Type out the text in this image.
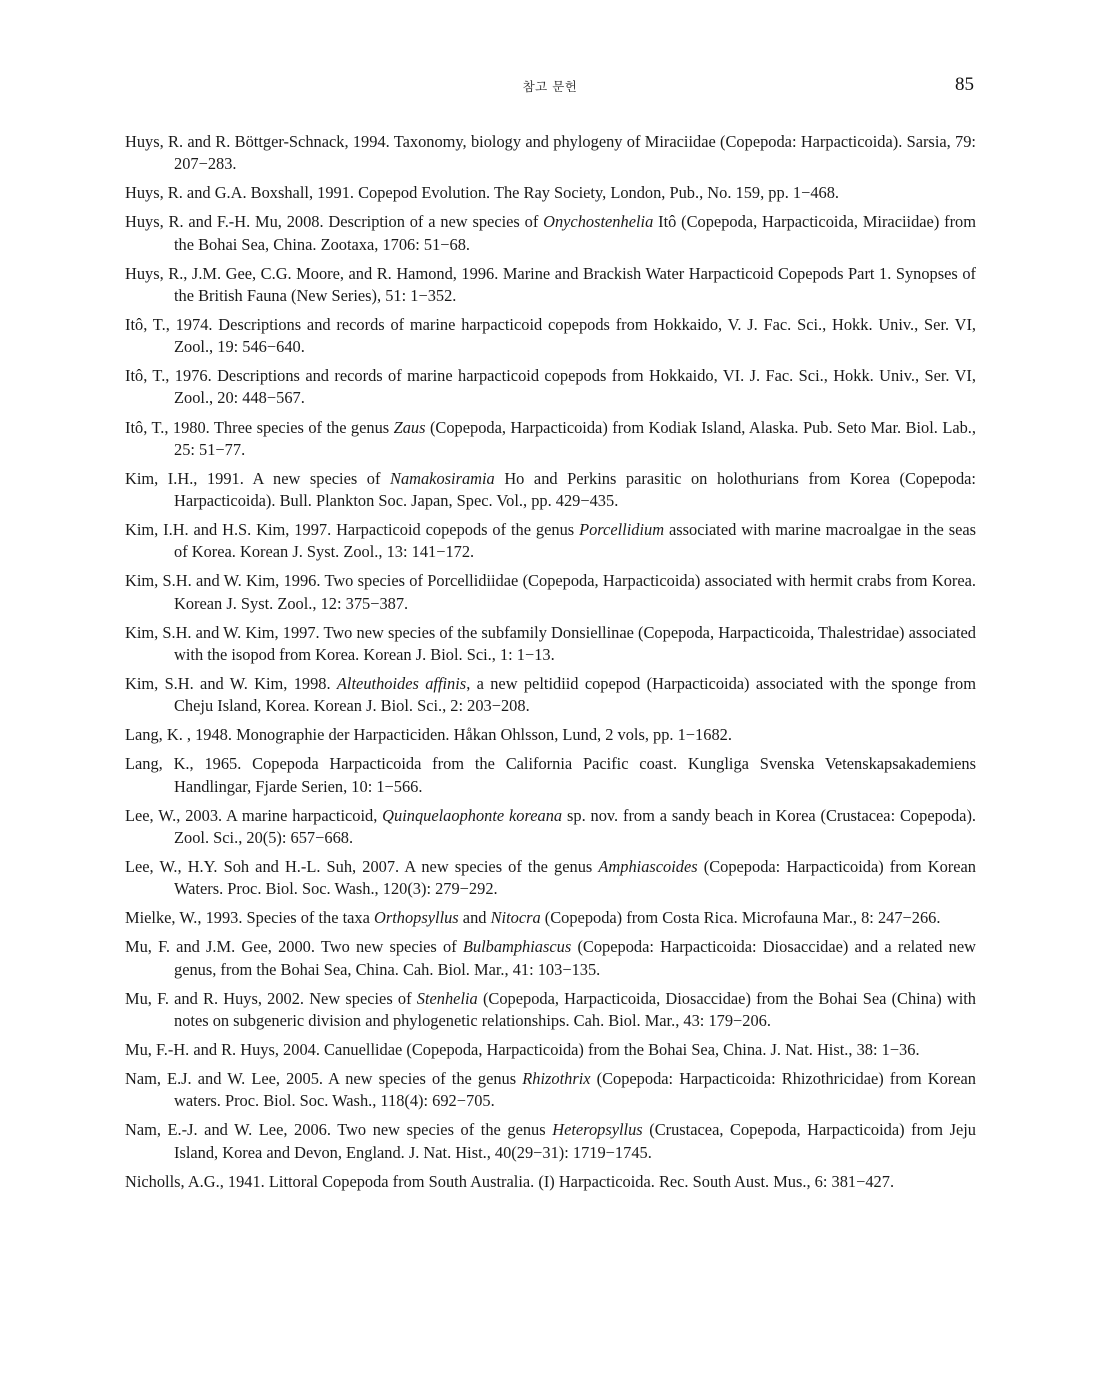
참고 문헌	85

Huys, R. and R. Böttger-Schnack, 1994. Taxonomy, biology and phylogeny of Miraciidae (Copepoda: Harpacticoida). Sarsia, 79: 207−283.

Huys, R. and G.A. Boxshall, 1991. Copepod Evolution. The Ray Society, London, Pub., No. 159, pp. 1−468.

Huys, R. and F.-H. Mu, 2008. Description of a new species of Onychostenhelia Itô (Copepoda, Harpacticoida, Miraciidae) from the Bohai Sea, China. Zootaxa, 1706: 51−68.

Huys, R., J.M. Gee, C.G. Moore, and R. Hamond, 1996. Marine and Brackish Water Harpacticoid Copepods Part 1. Synopses of the British Fauna (New Series), 51: 1−352.

Itô, T., 1974. Descriptions and records of marine harpacticoid copepods from Hokkaido, V. J. Fac. Sci., Hokk. Univ., Ser. VI, Zool., 19: 546−640.

Itô, T., 1976. Descriptions and records of marine harpacticoid copepods from Hokkaido, VI. J. Fac. Sci., Hokk. Univ., Ser. VI, Zool., 20: 448−567.

Itô, T., 1980. Three species of the genus Zaus (Copepoda, Harpacticoida) from Kodiak Island, Alaska. Pub. Seto Mar. Biol. Lab., 25: 51−77.

Kim, I.H., 1991. A new species of Namakosiramia Ho and Perkins parasitic on holothurians from Korea (Copepoda: Harpacticoida). Bull. Plankton Soc. Japan, Spec. Vol., pp. 429−435.

Kim, I.H. and H.S. Kim, 1997. Harpacticoid copepods of the genus Porcellidium associated with marine macroalgae in the seas of Korea. Korean J. Syst. Zool., 13: 141−172.

Kim, S.H. and W. Kim, 1996. Two species of Porcellidiidae (Copepoda, Harpacticoida) associated with hermit crabs from Korea. Korean J. Syst. Zool., 12: 375−387.

Kim, S.H. and W. Kim, 1997. Two new species of the subfamily Donsiellinae (Copepoda, Harpacticoida, Thalestridae) associated with the isopod from Korea. Korean J. Biol. Sci., 1: 1−13.

Kim, S.H. and W. Kim, 1998. Alteuthoides affinis, a new peltidiid copepod (Harpacticoida) associated with the sponge from Cheju Island, Korea. Korean J. Biol. Sci., 2: 203−208.

Lang, K. , 1948. Monographie der Harpacticiden. Håkan Ohlsson, Lund, 2 vols, pp. 1−1682.

Lang, K., 1965. Copepoda Harpacticoida from the California Pacific coast. Kungliga Svenska Vetenskapsakademiens Handlingar, Fjarde Serien, 10: 1−566.

Lee, W., 2003. A marine harpacticoid, Quinquelaophonte koreana sp. nov. from a sandy beach in Korea (Crustacea: Copepoda). Zool. Sci., 20(5): 657−668.

Lee, W., H.Y. Soh and H.-L. Suh, 2007. A new species of the genus Amphiascoides (Copepoda: Harpacticoida) from Korean Waters. Proc. Biol. Soc. Wash., 120(3): 279−292.

Mielke, W., 1993. Species of the taxa Orthopsyllus and Nitocra (Copepoda) from Costa Rica. Microfauna Mar., 8: 247−266.

Mu, F. and J.M. Gee, 2000. Two new species of Bulbamphiascus (Copepoda: Harpacticoida: Diosaccidae) and a related new genus, from the Bohai Sea, China. Cah. Biol. Mar., 41: 103−135.

Mu, F. and R. Huys, 2002. New species of Stenhelia (Copepoda, Harpacticoida, Diosaccidae) from the Bohai Sea (China) with notes on subgeneric division and phylogenetic relationships. Cah. Biol. Mar., 43: 179−206.

Mu, F.-H. and R. Huys, 2004. Canuellidae (Copepoda, Harpacticoida) from the Bohai Sea, China. J. Nat. Hist., 38: 1−36.

Nam, E.J. and W. Lee, 2005. A new species of the genus Rhizothrix (Copepoda: Harpacticoida: Rhizothricidae) from Korean waters. Proc. Biol. Soc. Wash., 118(4): 692−705.

Nam, E.-J. and W. Lee, 2006. Two new species of the genus Heteropsyllus (Crustacea, Copepoda, Harpacticoida) from Jeju Island, Korea and Devon, England. J. Nat. Hist., 40(29−31): 1719−1745.

Nicholls, A.G., 1941. Littoral Copepoda from South Australia. (I) Harpacticoida. Rec. South Aust. Mus., 6: 381−427.
